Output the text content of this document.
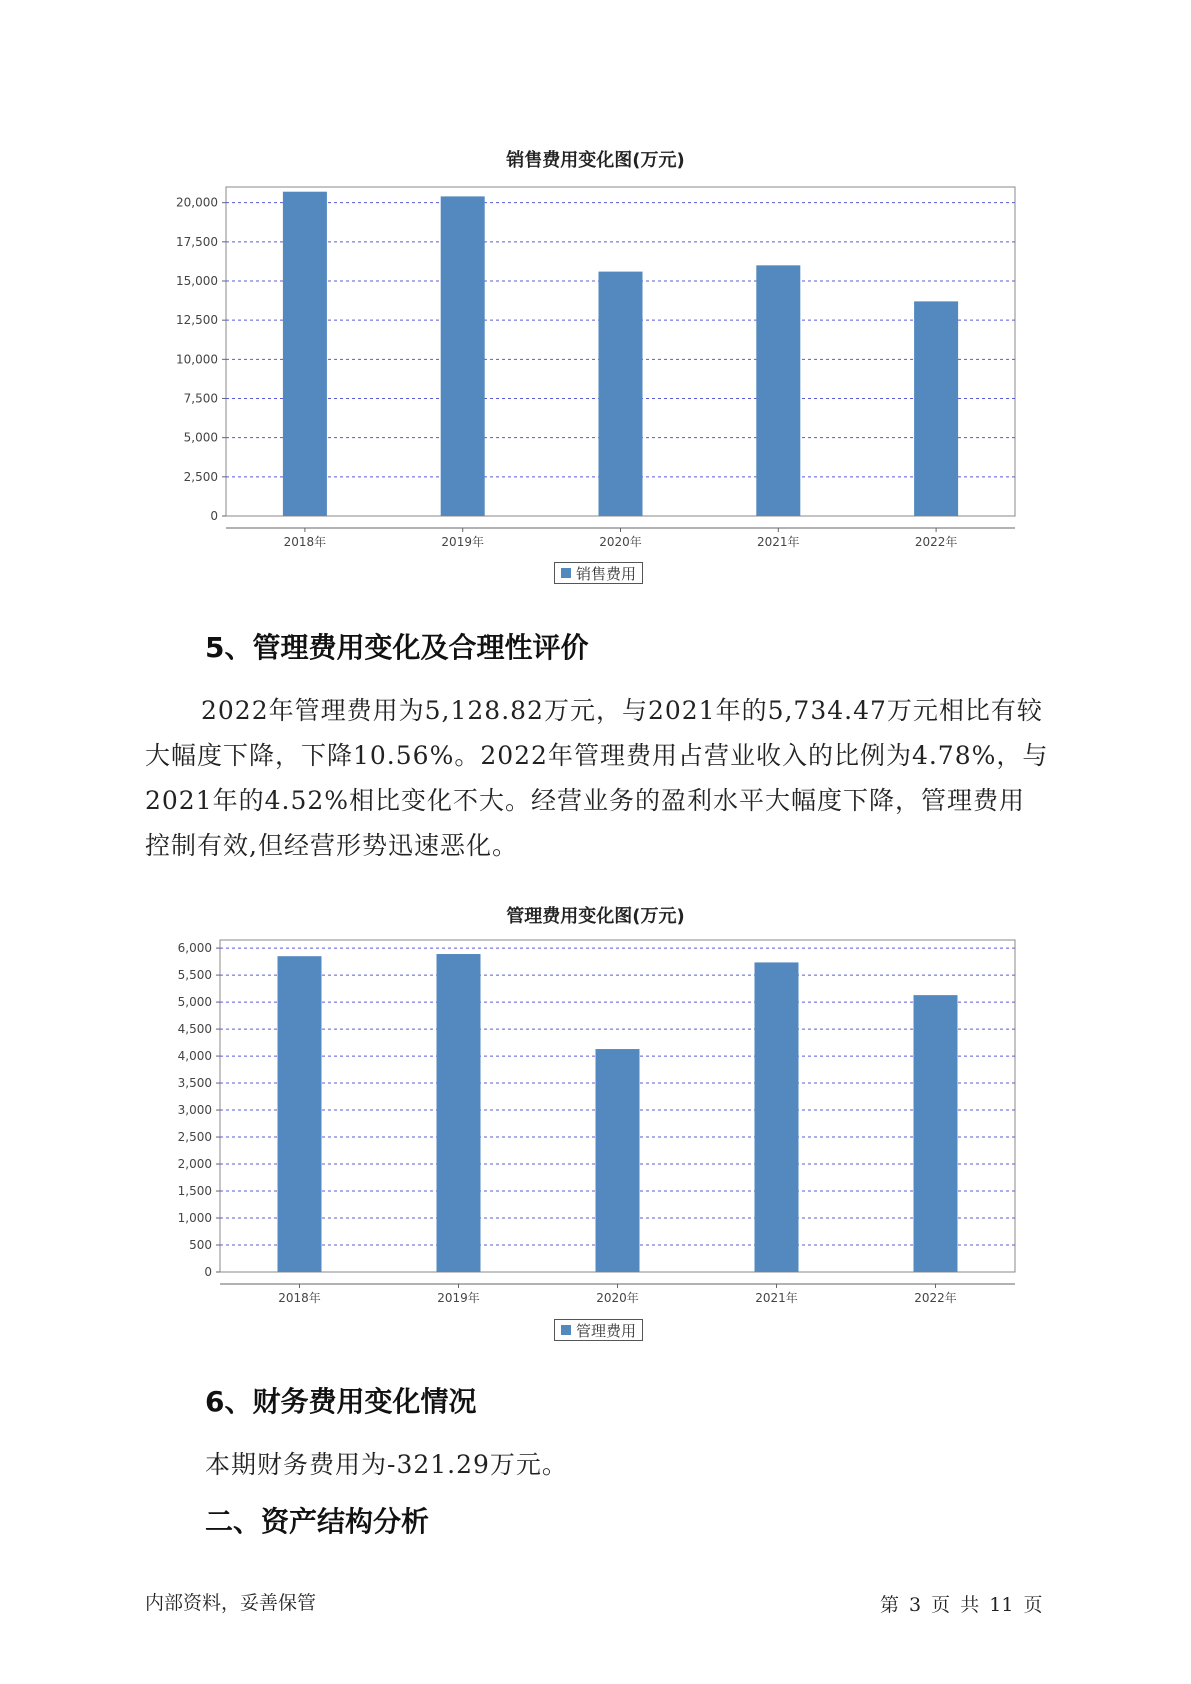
销售费用变化图(万元)
0
2,500
5,000
7,500
10,000
12,500
15,000
17,500
20,000
2018年	2019年	2020年	2021年	2022年
销售费用
5、管理费用变化及合理性评价

2022年管理费用为5,128.82万元，与2021年的5,734.47万元相比有较

大幅度下降，下降10.56%。2022年管理费用占营业收入的比例为4.78%，与

2021年的4.52%相比变化不大。经营业务的盈利水平大幅度下降，管理费用

控制有效,但经营形势迅速恶化。

管理费用变化图(万元)
0
500
1,000
1,500
2,000
2,500
3,000
3,500
4,000
4,500
5,000
5,500
6,000
2018年	2019年	2020年	2021年	2022年
管理费用
6、财务费用变化情况

本期财务费用为-321.29万元。

二、资产结构分析
内部资料，妥善保管	第 3 页 共 11 页
